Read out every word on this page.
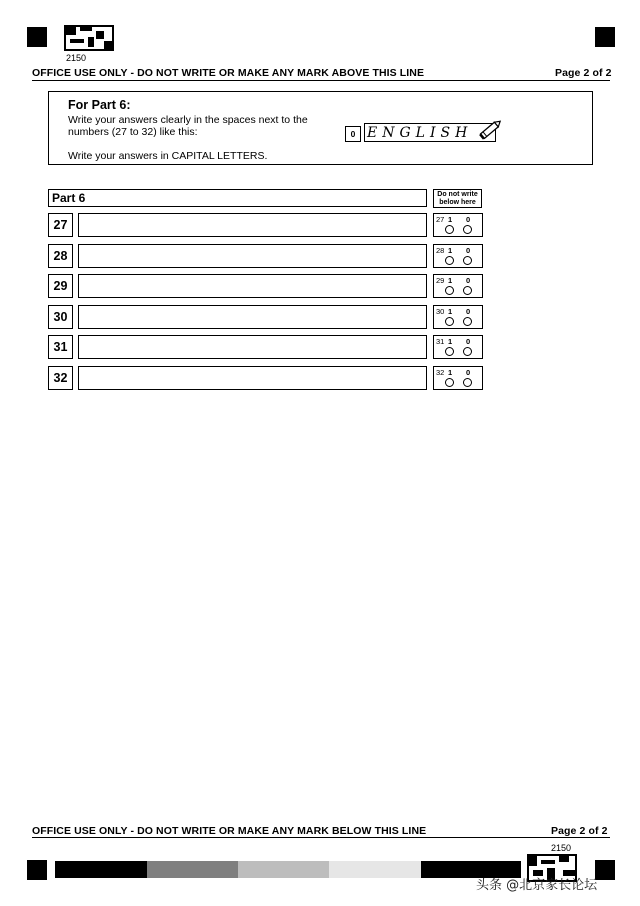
2150
OFFICE USE ONLY - DO NOT WRITE OR MAKE ANY MARK ABOVE THIS LINE	Page 2 of 2
For Part 6:

Write your answers clearly in the spaces next to the

numbers (27 to 32) like this:

Write your answers in CAPITAL LETTERS.

0 ENGLISH
Part 6	Do not write
below here
27	27 1 0
28	28 1 0
29	29 1 0
30	30 1 0
31	31 1 0
32	32 1 0
OFFICE USE ONLY - DO NOT WRITE OR MAKE ANY MARK BELOW THIS LINE	Page 2 of 2
2150
头条 @北京家长论坛
